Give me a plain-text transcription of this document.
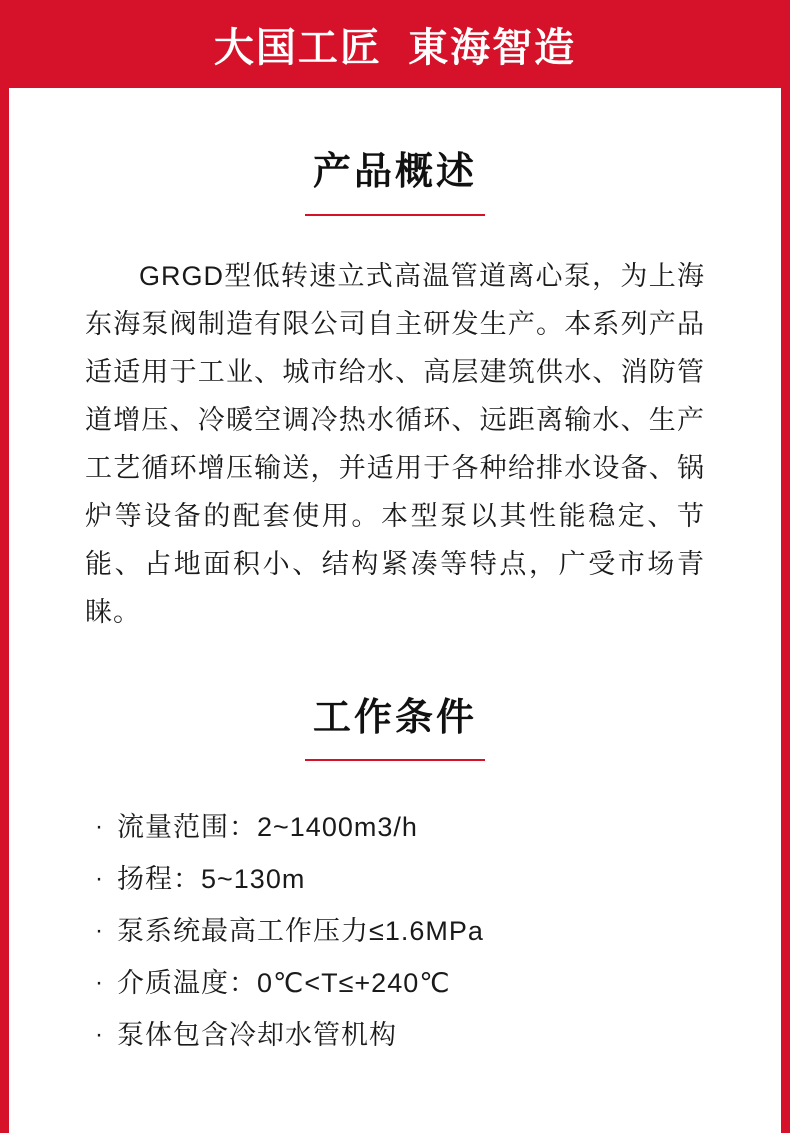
大国工匠  東海智造
产品概述

GRGD型低转速立式高温管道离心泵，为上海东海泵阀制造有限公司自主研发生产。本系列产品适适用于工业、城市给水、高层建筑供水、消防管道增压、冷暖空调冷热水循环、远距离输水、生产工艺循环增压输送，并适用于各种给排水设备、锅炉等设备的配套使用。本型泵以其性能稳定、节能、占地面积小、结构紧凑等特点，广受市场青睐。

工作条件
· 流量范围：2~1400m3/h
· 扬程：5~130m
· 泵系统最高工作压力≤1.6MPa
· 介质温度：0℃<T≤+240℃
· 泵体包含冷却水管机构
